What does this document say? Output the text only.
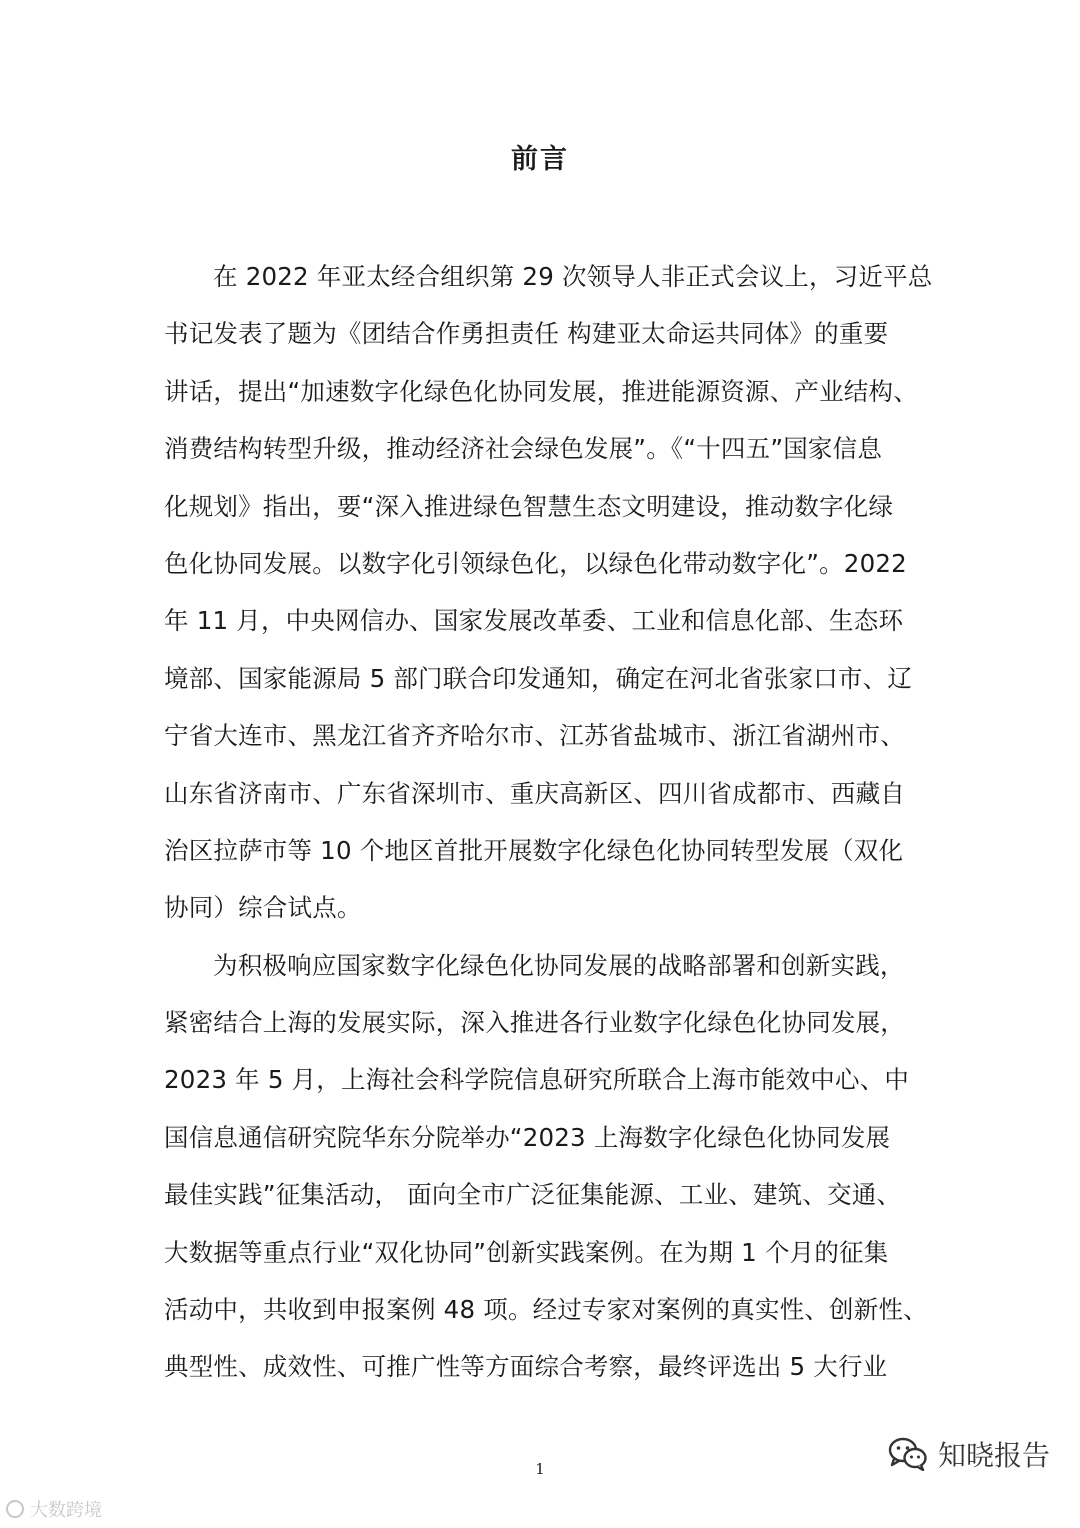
前言
在 2022 年亚太经合组织第 29 次领导人非正式会议上，习近平总
书记发表了题为《团结合作勇担责任 构建亚太命运共同体》的重要
讲话，提出“加速数字化绿色化协同发展，推进能源资源、产业结构、
消费结构转型升级，推动经济社会绿色发展”。《“十四五”国家信息
化规划》指出，要“深入推进绿色智慧生态文明建设，推动数字化绿
色化协同发展。以数字化引领绿色化，以绿色化带动数字化”。2022
年 11 月，中央网信办、国家发展改革委、工业和信息化部、生态环
境部、国家能源局 5 部门联合印发通知，确定在河北省张家口市、辽
宁省大连市、黑龙江省齐齐哈尔市、江苏省盐城市、浙江省湖州市、
山东省济南市、广东省深圳市、重庆高新区、四川省成都市、西藏自
治区拉萨市等 10 个地区首批开展数字化绿色化协同转型发展（双化
协同）综合试点。
为积极响应国家数字化绿色化协同发展的战略部署和创新实践，
紧密结合上海的发展实际，深入推进各行业数字化绿色化协同发展，
2023 年 5 月，上海社会科学院信息研究所联合上海市能效中心、中
国信息通信研究院华东分院举办“2023 上海数字化绿色化协同发展
最佳实践”征集活动， 面向全市广泛征集能源、工业、建筑、交通、
大数据等重点行业“双化协同”创新实践案例。在为期 1 个月的征集
活动中，共收到申报案例 48 项。经过专家对案例的真实性、创新性、
典型性、成效性、可推广性等方面综合考察，最终评选出 5 大行业
1
大数跨境
知晓报告
